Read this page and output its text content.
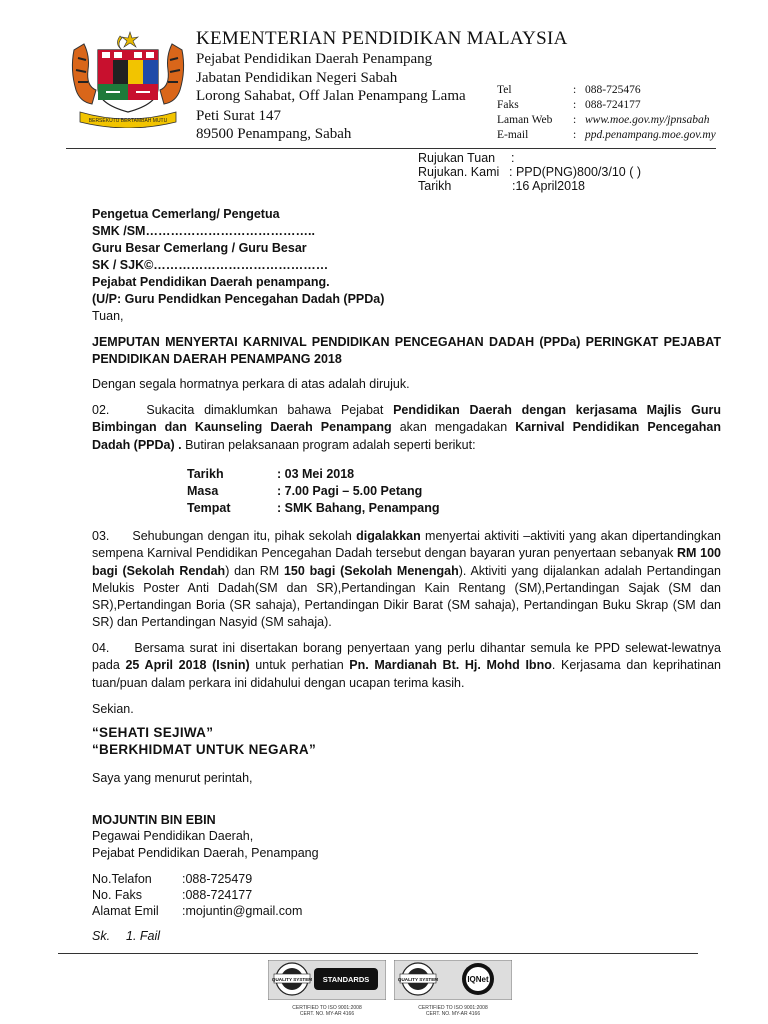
BERSEKUTU BERTAMBAH MUTU
KEMENTERIAN PENDIDIKAN MALAYSIA
Pejabat Pendidikan Daerah Penampang
Jabatan Pendidikan Negeri Sabah
Lorong Sahabat, Off Jalan Penampang Lama
Peti Surat 147
89500 Penampang, Sabah
Tel	: 088-725476
Faks	: 088-724177
Laman Web : www.moe.gov.my/jpnsabah
E-mail	: ppd.penampang.moe.gov.my
Rujukan Tuan :
Rujukan. Kami : PPD(PNG)800/3/10 ( )
Tarikh	:16 April2018
Pengetua Cemerlang/ Pengetua
SMK /SM…………………………………..
Guru Besar Cemerlang / Guru Besar
SK / SJK©……………………………………
Pejabat Pendidikan Daerah penampang.
(U/P: Guru Pendidkan Pencegahan Dadah (PPDa)
Tuan,
JEMPUTAN MENYERTAI KARNIVAL PENDIDIKAN PENCEGAHAN DADAH (PPDa) PERINGKAT PEJABAT PENDIDIKAN DAERAH PENAMPANG 2018
Dengan segala hormatnya perkara di atas adalah dirujuk.
02.	Sukacita dimaklumkan bahawa Pejabat Pendidikan Daerah dengan kerjasama Majlis Guru Bimbingan dan Kaunseling Daerah Penampang akan mengadakan Karnival Pendidikan Pencegahan Dadah (PPDa) . Butiran pelaksanaan program adalah seperti berikut:
Tarikh	: 03 Mei 2018
Masa	: 7.00 Pagi – 5.00 Petang
Tempat	: SMK Bahang, Penampang
03. Sehubungan dengan itu, pihak sekolah digalakkan menyertai aktiviti –aktiviti yang akan dipertandingkan sempena Karnival Pendidikan Pencegahan Dadah tersebut dengan bayaran yuran penyertaan sebanyak RM 100 bagi (Sekolah Rendah) dan RM 150 bagi (Sekolah Menengah). Aktiviti yang dijalankan adalah Pertandingan Melukis Poster Anti Dadah(SM dan SR),Pertandingan Kain Rentang (SM),Pertandingan Sajak (SM dan SR),Pertandingan Boria (SR sahaja), Pertandingan Dikir Barat (SM sahaja), Pertandingan Buku Skrap (SM dan SR) dan Pertandingan Nasyid (SM sahaja).
04. Bersama surat ini disertakan borang penyertaan yang perlu dihantar semula ke PPD selewat-lewatnya pada 25 April 2018 (Isnin) untuk perhatian Pn. Mardianah Bt. Hj. Mohd Ibno. Kerjasama dan keprihatinan tuan/puan dalam perkara ini didahului dengan ucapan terima kasih.
Sekian.
“SEHATI SEJIWA”
“BERKHIDMAT UNTUK NEGARA”
Saya yang menurut perintah,
MOJUNTIN BIN EBIN
Pegawai Pendidikan Daerah,
Pejabat Pendidikan Daerah, Penampang
No.Telafon :088-725479
No. Faks	:088-724177
Alamat Emil :mojuntin@gmail.com
Sk. 1. Fail
QUALITY SYSTEM STANDARDS
CERTIFIED TO ISO 9001:2008
CERT. NO. MY-AR 4166
QUALITY SYSTEM	IQNet
CERTIFIED TO ISO 9001:2008
CERT. NO. MY-AR 4166
